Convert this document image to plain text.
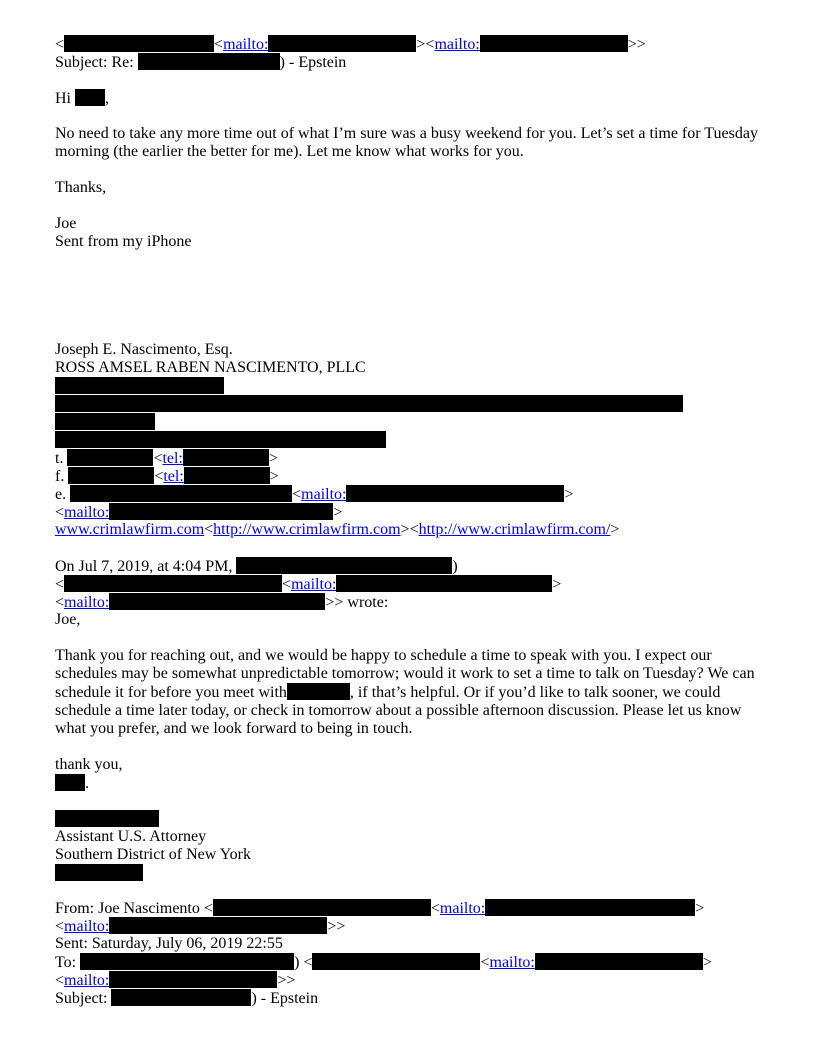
<	<mailto:	><mailto:	>>
Subject: Re:	) - Epstein
Hi ,
No need to take any more time out of what I’m sure was a busy weekend for you. Let’s set a time for Tuesday morning (the earlier the better for me). Let me know what works for you.
Thanks,
Joe
Sent from my iPhone
Joseph E. Nascimento, Esq.
ROSS AMSEL RABEN NASCIMENTO, PLLC
t.	<tel:	>
f.	<tel:	>
e.	<mailto:	>
<mailto:	>
www.crimlawfirm.com<http://www.crimlawfirm.com><http://www.crimlawfirm.com/>
On Jul 7, 2019, at 4:04 PM,	)
<	<mailto:	>
<mailto:	>> wrote:
Joe,
Thank you for reaching out, and we would be happy to schedule a time to speak with you. I expect our schedules may be somewhat unpredictable tomorrow; would it work to set a time to talk on Tuesday? We can schedule it for before you meet with	, if that’s helpful. Or if you’d like to talk sooner, we could schedule a time later today, or check in tomorrow about a possible afternoon discussion. Please let us know what you prefer, and we look forward to being in touch.
thank you,
.
Assistant U.S. Attorney
Southern District of New York
From: Joe Nascimento <	<mailto:	>
<mailto:	>>
Sent: Saturday, July 06, 2019 22:55
To:	) <	<mailto:	>
<mailto:	>>
Subject:	) - Epstein
